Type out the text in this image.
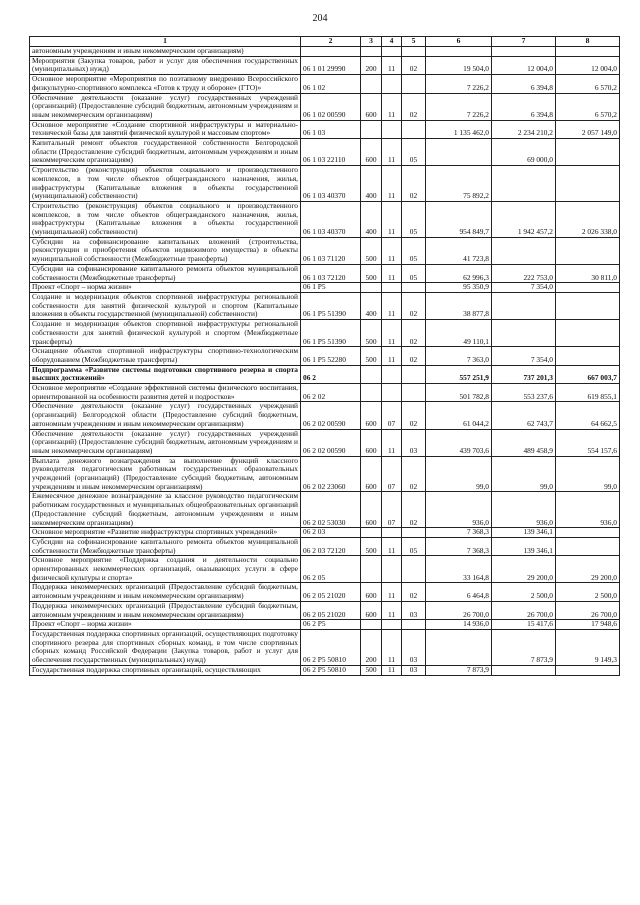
204
1	2	3	4	5	6	7	8
автономным учреждениям и иным некоммерческим организациям)							
Мероприятия (Закупка товаров, работ и услуг для обеспечения государственных (муниципальных) нужд)	06 1 01 29990	200	11	02	19 504,0	12 004,0	12 004,0
Основное мероприятие «Мероприятия по поэтапному внедрению Всероссийского физкультурно-спортивного комплекса «Готов к труду и обороне» (ГТО)»	06 1 02				7 226,2	6 394,8	6 570,2
Обеспечение деятельности (оказание услуг) государственных учреждений (организаций) (Предоставление субсидий бюджетным, автономным учреждениям и иным некоммерческим организациям)	06 1 02 00590	600	11	02	7 226,2	6 394,8	6 570,2
Основное мероприятие «Создание спортивной инфраструктуры и материально-технической базы для занятий физической культурой и массовым спортом»	06 1 03				1 135 462,0	2 234 210,2	2 057 149,0
Капитальный ремонт объектов государственной собственности Белгородской области (Предоставление субсидий бюджетным, автономным учреждениям и иным некоммерческим организациям)	06 1 03 22110	600	11	05		69 000,0	
Строительство (реконструкция) объектов социального и производственного комплексов, в том числе объектов общегражданского назначения, жилья, инфраструктуры (Капитальные вложения в объекты государственной (муниципальной) собственности)	06 1 03 40370	400	11	02	75 892,2		
Строительство (реконструкция) объектов социального и производственного комплексов, в том числе объектов общегражданского назначения, жилья, инфраструктуры (Капитальные вложения в объекты государственной (муниципальной) собственности)	06 1 03 40370	400	11	05	954 849,7	1 942 457,2	2 026 338,0
Субсидии на софинансирование капитальных вложений (строительства, реконструкции и приобретения объектов недвижимого имущества) в объекты муниципальной собственности (Межбюджетные трансферты)	06 1 03 71120	500	11	05	41 723,8		
Субсидии на софинансирование капитального ремонта объектов муниципальной собственности (Межбюджетные трансферты)	06 1 03 72120	500	11	05	62 996,3	222 753,0	30 811,0
Проект «Спорт – норма жизни»	06 1 P5				95 350,9	7 354,0	
Создание и модернизация объектов спортивной инфраструктуры региональной собственности для занятий физической культурой и спортом (Капитальные вложения в объекты государственной (муниципальной) собственности)	06 1 P5 51390	400	11	02	38 877,8		
Создание и модернизация объектов спортивной инфраструктуры региональной собственности для занятий физической культурой и спортом (Межбюджетные трансферты)	06 1 P5 51390	500	11	02	49 110,1		
Оснащение объектов спортивной инфраструктуры спортивно-технологическим оборудованием (Межбюджетные трансферты)	06 1 P5 52280	500	11	02	7 363,0	7 354,0	
Подпрограмма «Развитие системы подготовки спортивного резерва и спорта высших достижений»	06 2				557 251,9	737 201,3	667 003,7
Основное мероприятие «Создание эффективной системы физического воспитания, ориентированной на особенности развития детей и подростков»	06 2 02				501 782,8	553 237,6	619 855,1
Обеспечение деятельности (оказание услуг) государственных учреждений (организаций) Белгородской области (Предоставление субсидий бюджетным, автономным учреждениям и иным некоммерческим организациям)	06 2 02 00590	600	07	02	61 044,2	62 743,7	64 662,5
Обеспечение деятельности (оказание услуг) государственных учреждений (организаций) (Предоставление субсидий бюджетным, автономным учреждениям и иным некоммерческим организациям)	06 2 02 00590	600	11	03	439 703,6	489 458,9	554 157,6
Выплата денежного вознаграждения за выполнение функций классного руководителя педагогическим работникам государственных образовательных учреждений (организаций) (Предоставление субсидий бюджетным, автономным учреждениям и иным некоммерческим организациям)	06 2 02 23060	600	07	02	99,0	99,0	99,0
Ежемесячное денежное вознаграждение за классное руководство педагогическим работникам государственных и муниципальных общеобразовательных организаций (Предоставление субсидий бюджетным, автономным учреждениям и иным некоммерческим организациям)	06 2 02 53030	600	07	02	936,0	936,0	936,0
Основное мероприятие «Развитие инфраструктуры спортивных учреждений»	06 2 03				7 368,3	139 346,1	
Субсидии на софинансирование капитального ремонта объектов муниципальной собственности (Межбюджетные трансферты)	06 2 03 72120	500	11	05	7 368,3	139 346,1	
Основное мероприятие «Поддержка создания и деятельности социально ориентированных некоммерческих организаций, оказывающих услуги в сфере физической культуры и спорта»	06 2 05				33 164,8	29 200,0	29 200,0
Поддержка некоммерческих организаций (Предоставление субсидий бюджетным, автономным учреждениям и иным некоммерческим организациям)	06 2 05 21020	600	11	02	6 464,8	2 500,0	2 500,0
Поддержка некоммерческих организаций (Предоставление субсидий бюджетным, автономным учреждениям и иным некоммерческим организациям)	06 2 05 21020	600	11	03	26 700,0	26 700,0	26 700,0
Проект «Спорт – норма жизни»	06 2 P5				14 936,0	15 417,6	17 948,6
Государственная поддержка спортивных организаций, осуществляющих подготовку спортивного резерва для спортивных сборных команд, в том числе спортивных сборных команд Российской Федерации (Закупка товаров, работ и услуг для обеспечения государственных (муниципальных) нужд)	06 2 P5 50810	200	11	03		7 873,9	9 149,3
Государственная поддержка спортивных организаций, осуществляющих	06 2 P5 50810	500	11	03	7 873,9		
